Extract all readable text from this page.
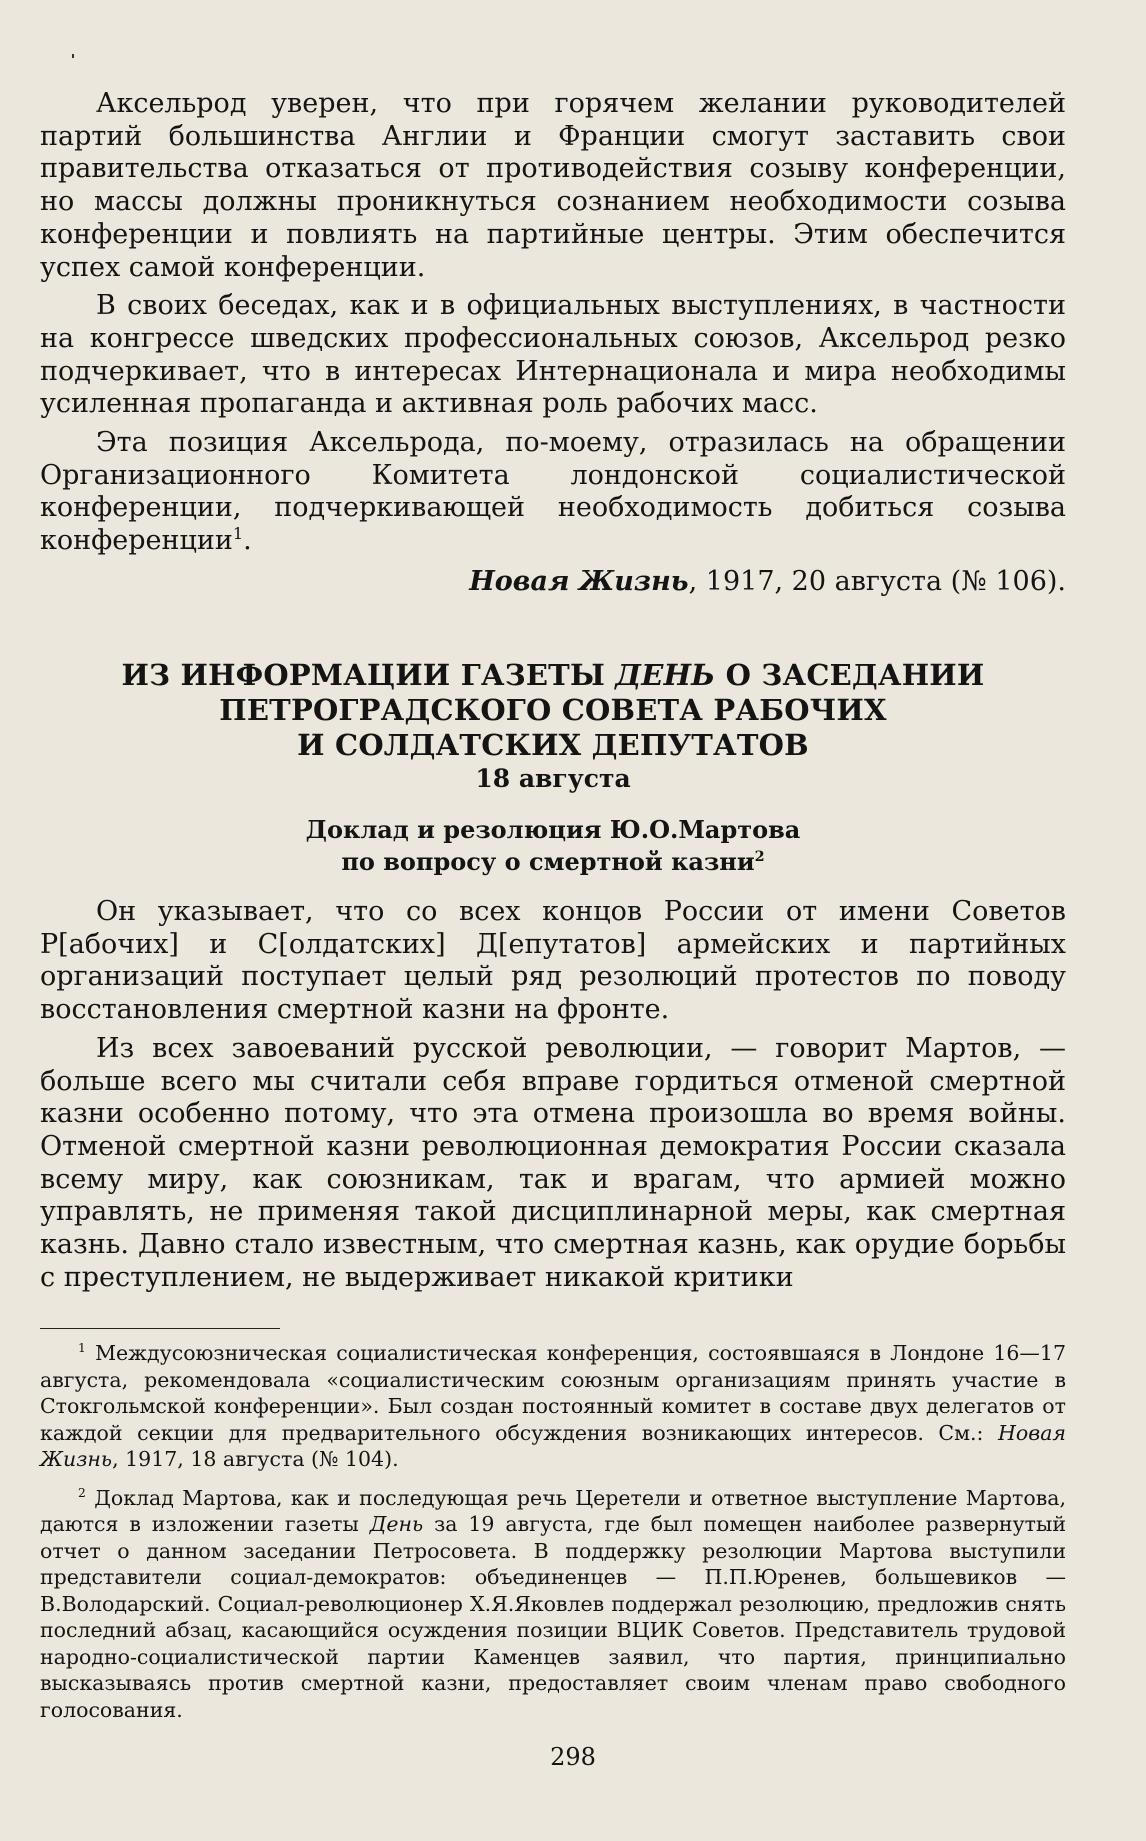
Аксельрод уверен, что при горячем желании руководителей партий большинства Англии и Франции смогут заставить свои правительства отказаться от противодействия созыву конференции, но массы должны проникнуться сознанием необходимости созыва конференции и повлиять на партийные центры. Этим обеспечится успех самой конференции.

В своих беседах, как и в официальных выступлениях, в частности на конгрессе шведских профессиональных союзов, Аксельрод резко подчеркивает, что в интересах Интернационала и мира необходимы усиленная пропаганда и активная роль рабочих масс.

Эта позиция Аксельрода, по-моему, отразилась на обращении Организационного Комитета лондонской социалистической конференции, подчеркивающей необходимость добиться созыва конференции$^1$.

Новая Жизнь, 1917, 20 августа (№ 106).
ИЗ ИНФОРМАЦИИ ГАЗЕТЫ ДЕНЬ О ЗАСЕДАНИИ
ПЕТРОГРАДСКОГО СОВЕТА РАБОЧИХ
И СОЛДАТСКИХ ДЕПУТАТОВ
18 августа
Доклад и резолюция Ю.О.Мартова
по вопросу о смертной казни$^2$

Он указывает, что со всех концов России от имени Советов Р[абочих] и С[олдатских] Д[епутатов] армейских и партийных организаций поступает целый ряд резолюций протестов по поводу восстановления смертной казни на фронте.

Из всех завоеваний русской революции, — говорит Мартов, — больше всего мы считали себя вправе гордиться отменой смертной казни особенно потому, что эта отмена произошла во время войны. Отменой смертной казни революционная демократия России сказала всему миру, как союзникам, так и врагам, что армией можно управлять, не применяя такой дисциплинарной меры, как смертная казнь. Давно стало известным, что смертная казнь, как орудие борьбы с преступлением, не выдерживает никакой критики

$^1$ Междусоюзническая социалистическая конференция, состоявшаяся в Лондоне 16—17 августа, рекомендовала «социалистическим союзным организациям принять участие в Стокгольмской конференции». Был создан постоянный комитет в составе двух делегатов от каждой секции для предварительного обсуждения возникающих интересов. См.: Новая Жизнь, 1917, 18 августа (№ 104).

$^2$ Доклад Мартова, как и последующая речь Церетели и ответное выступление Мартова, даются в изложении газеты День за 19 августа, где был помещен наиболее развернутый отчет о данном заседании Петросовета. В поддержку резолюции Мартова выступили представители социал-демократов: объединенцев — П.П.Юренев, большевиков — В.Володарский. Социал-революционер Х.Я.Яковлев поддержал резолюцию, предложив снять последний абзац, касающийся осуждения позиции ВЦИК Советов. Представитель трудовой народно-социалистической партии Каменцев заявил, что партия, принципиально высказываясь против смертной казни, предоставляет своим членам право свободного голосования.

298
